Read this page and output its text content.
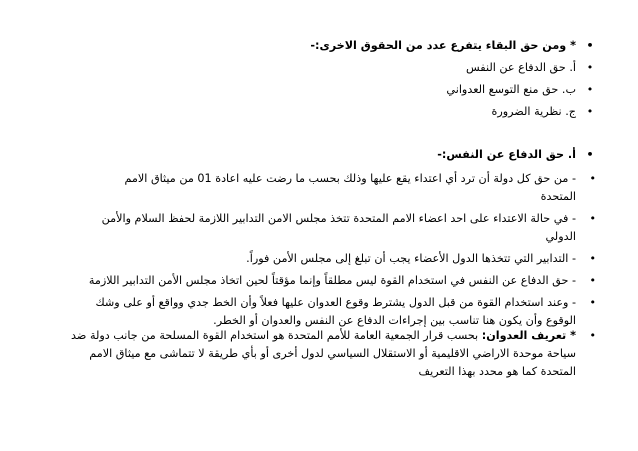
•
* ومن حق البقاء يتفرع عدد من الحقوق الاخرى:-
•
أ. حق الدفاع عن النفس
•
ب. حق منع التوسع العدواني
•
ج. نظرية الضرورة
•
أ. حق الدفاع عن النفس:-
•
- من حق كل دولة أن ترد أي اعتداء يقع عليها وذلك بحسب ما رضت عليه اعادة 01 من ميثاق الامم
المتحدة
•
- في حالة الاعتداء على احد اعضاء الامم المتحدة تتخذ مجلس الامن التدابير اللازمة لحفظ السلام والأمن
الدولي
•
- التدابير التي تتخذها الدول الأعضاء يجب أن تبلغ إلى مجلس الأمن فوراً.
•
- حق الدفاع عن النفس في استخدام القوة ليس مطلقاً وإنما مؤقتاً لحين اتخاذ مجلس الأمن التدابير اللازمة
•
- وعند استخدام القوة من قبل الدول يشترط وقوع العدوان عليها فعلاً وأن الخط جدي وواقع أو على وشك
الوقوع وأن يكون هنا تناسب بين إجراءات الدفاع عن النفس والعدوان أو الخطر.
•
* تعريف العدوان: بحسب قرار الجمعية العامة للأمم المتحدة هو استخدام القوة المسلحة من جانب دولة ضد
سياحة موحدة الاراضي الاقليمية أو الاستقلال السياسي لدول أخرى أو بأي طريقة لا تتماشى مع ميثاق الامم
المتحدة كما هو محدد بهذا التعريف
